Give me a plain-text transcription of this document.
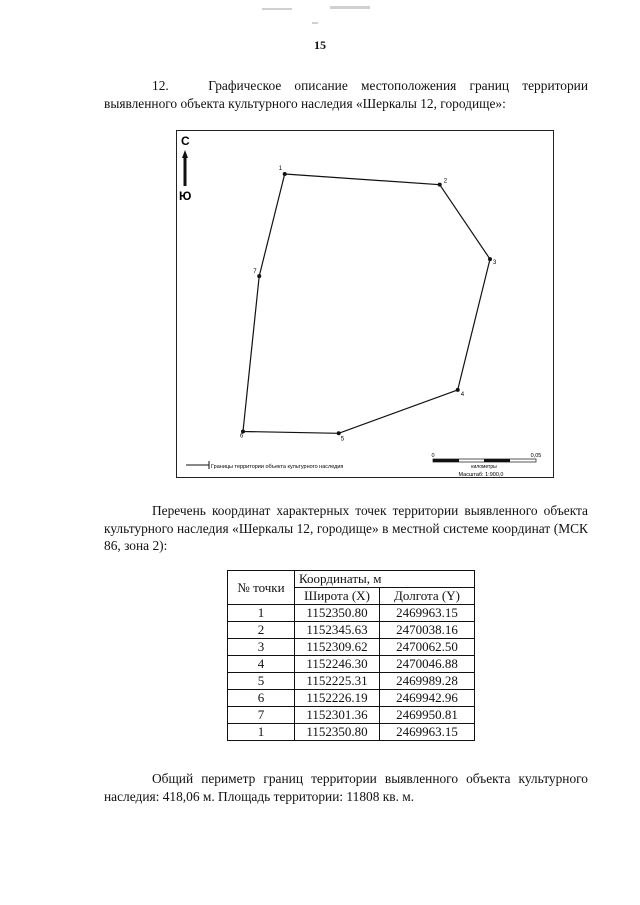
15
12.	Графическое описание местоположения границ территории выявленного объекта культурного наследия «Шеркалы 12, городище»:
С
Ю
1
2
3
4
5
6
7
Границы территории объекта культурного наследия
0	0,05
километры
Масштаб: 1:900,0
Перечень координат характерных точек территории выявленного объекта культурного наследия «Шеркалы 12, городище» в местной системе координат (МСК 86, зона 2):
№ точки	Координаты, м	
	Широта (X)	Долгота (Y)
1	1152350.80	2469963.15
2	1152345.63	2470038.16
3	1152309.62	2470062.50
4	1152246.30	2470046.88
5	1152225.31	2469989.28
6	1152226.19	2469942.96
7	1152301.36	2469950.81
1	1152350.80	2469963.15
Общий периметр границ территории выявленного объекта культурного наследия: 418,06 м. Площадь территории: 11808 кв. м.
